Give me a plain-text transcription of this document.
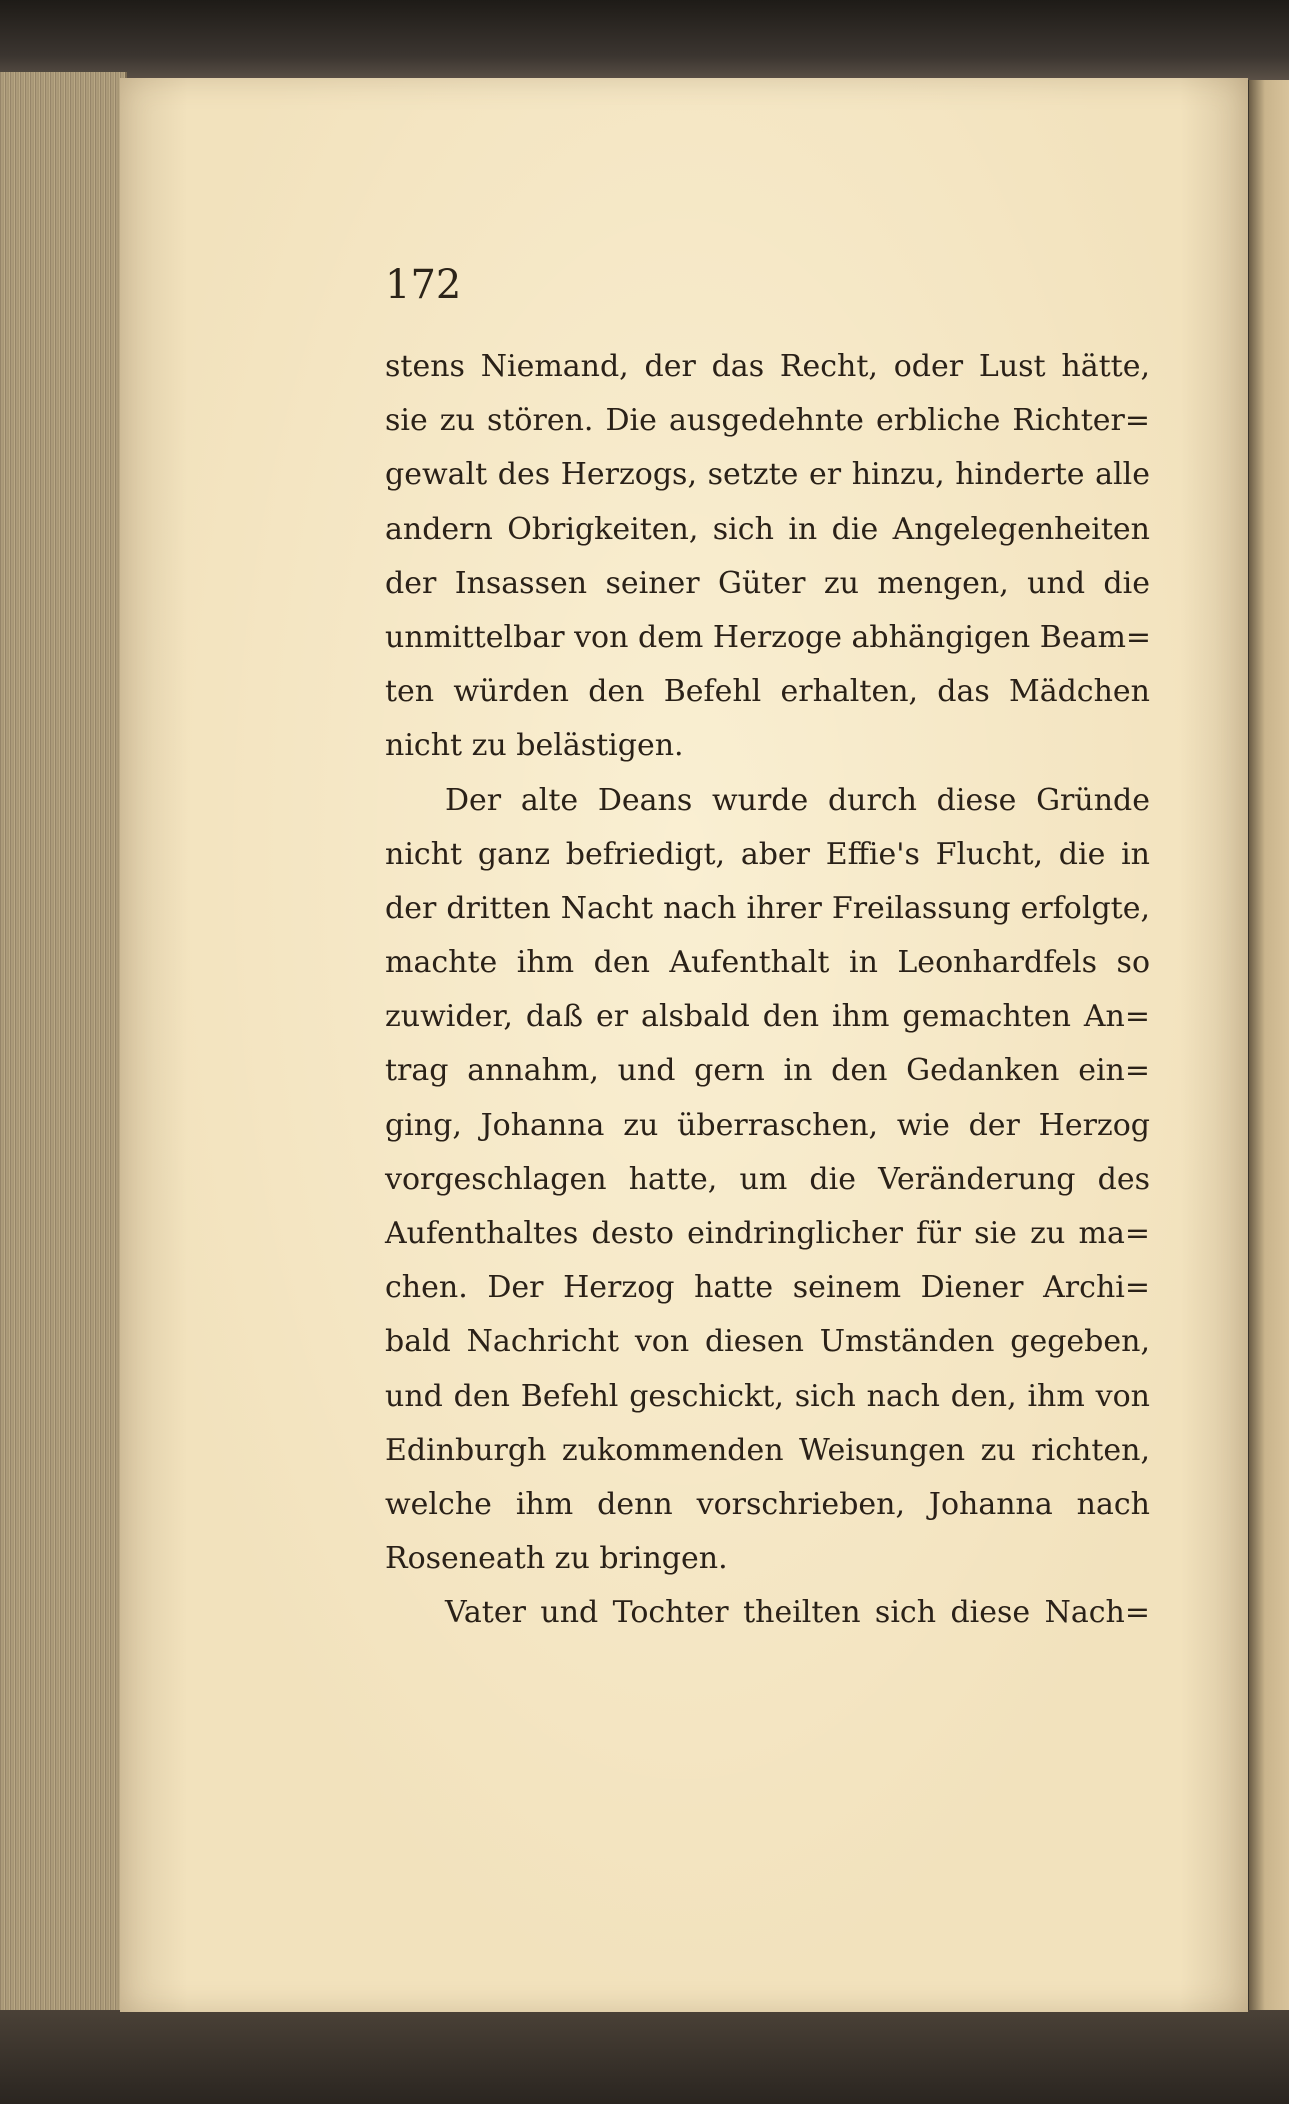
172

stens Niemand, der das Recht, oder Lust hätte,
sie zu stören. Die ausgedehnte erbliche Richter=
gewalt des Herzogs, setzte er hinzu, hinderte alle
andern Obrigkeiten, sich in die Angelegenheiten
der Insassen seiner Güter zu mengen, und die
unmittelbar von dem Herzoge abhängigen Beam=
ten würden den Befehl erhalten, das Mädchen
nicht zu belästigen.
Der alte Deans wurde durch diese Gründe
nicht ganz befriedigt, aber Effie's Flucht, die in
der dritten Nacht nach ihrer Freilassung erfolgte,
machte ihm den Aufenthalt in Leonhardfels so
zuwider, daß er alsbald den ihm gemachten An=
trag annahm, und gern in den Gedanken ein=
ging, Johanna zu überraschen, wie der Herzog
vorgeschlagen hatte, um die Veränderung des
Aufenthaltes desto eindringlicher für sie zu ma=
chen. Der Herzog hatte seinem Diener Archi=
bald Nachricht von diesen Umständen gegeben,
und den Befehl geschickt, sich nach den, ihm von
Edinburgh zukommenden Weisungen zu richten,
welche ihm denn vorschrieben, Johanna nach
Roseneath zu bringen.
Vater und Tochter theilten sich diese Nach=
